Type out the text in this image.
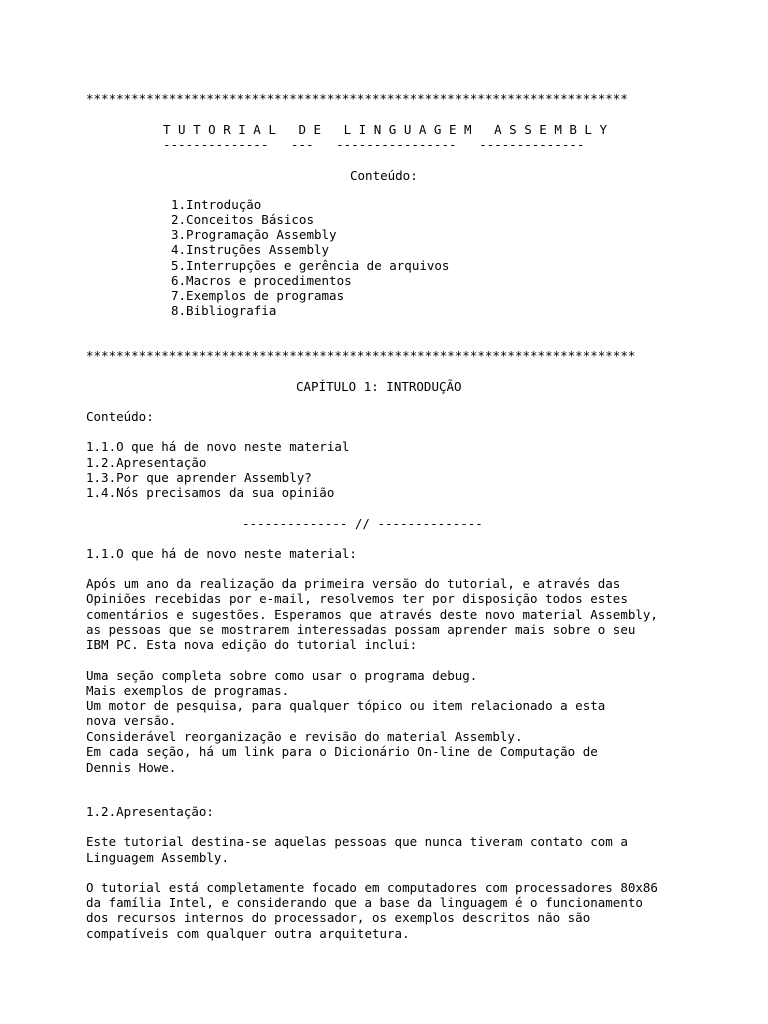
************************************************************************
T U T O R I A L   D E   L I N G U A G E M   A S S E M B L Y
--------------   ---   ----------------   --------------
Conteúdo:
1.Introdução
2.Conceitos Básicos
3.Programação Assembly
4.Instruções Assembly
5.Interrupções e gerência de arquivos
6.Macros e procedimentos
7.Exemplos de programas
8.Bibliografia
*************************************************************************
CAPÍTULO 1: INTRODUÇÃO
Conteúdo:
1.1.O que há de novo neste material
1.2.Apresentação
1.3.Por que aprender Assembly?
1.4.Nós precisamos da sua opinião
-------------- // --------------
1.1.O que há de novo neste material:
Após um ano da realização da primeira versão do tutorial, e através das
Opiniões recebidas por e-mail, resolvemos ter por disposição todos estes
comentários e sugestões. Esperamos que através deste novo material Assembly,
as pessoas que se mostrarem interessadas possam aprender mais sobre o seu
IBM PC. Esta nova edição do tutorial inclui:
Uma seção completa sobre como usar o programa debug.
Mais exemplos de programas.
Um motor de pesquisa, para qualquer tópico ou item relacionado a esta
nova versão.
Considerável reorganização e revisão do material Assembly.
Em cada seção, há um link para o Dicionário On-line de Computação de
Dennis Howe.
1.2.Apresentação:
Este tutorial destina-se aquelas pessoas que nunca tiveram contato com a
Linguagem Assembly.
O tutorial está completamente focado em computadores com processadores 80x86
da família Intel, e considerando que a base da linguagem é o funcionamento
dos recursos internos do processador, os exemplos descritos não são
compatíveis com qualquer outra arquitetura.
